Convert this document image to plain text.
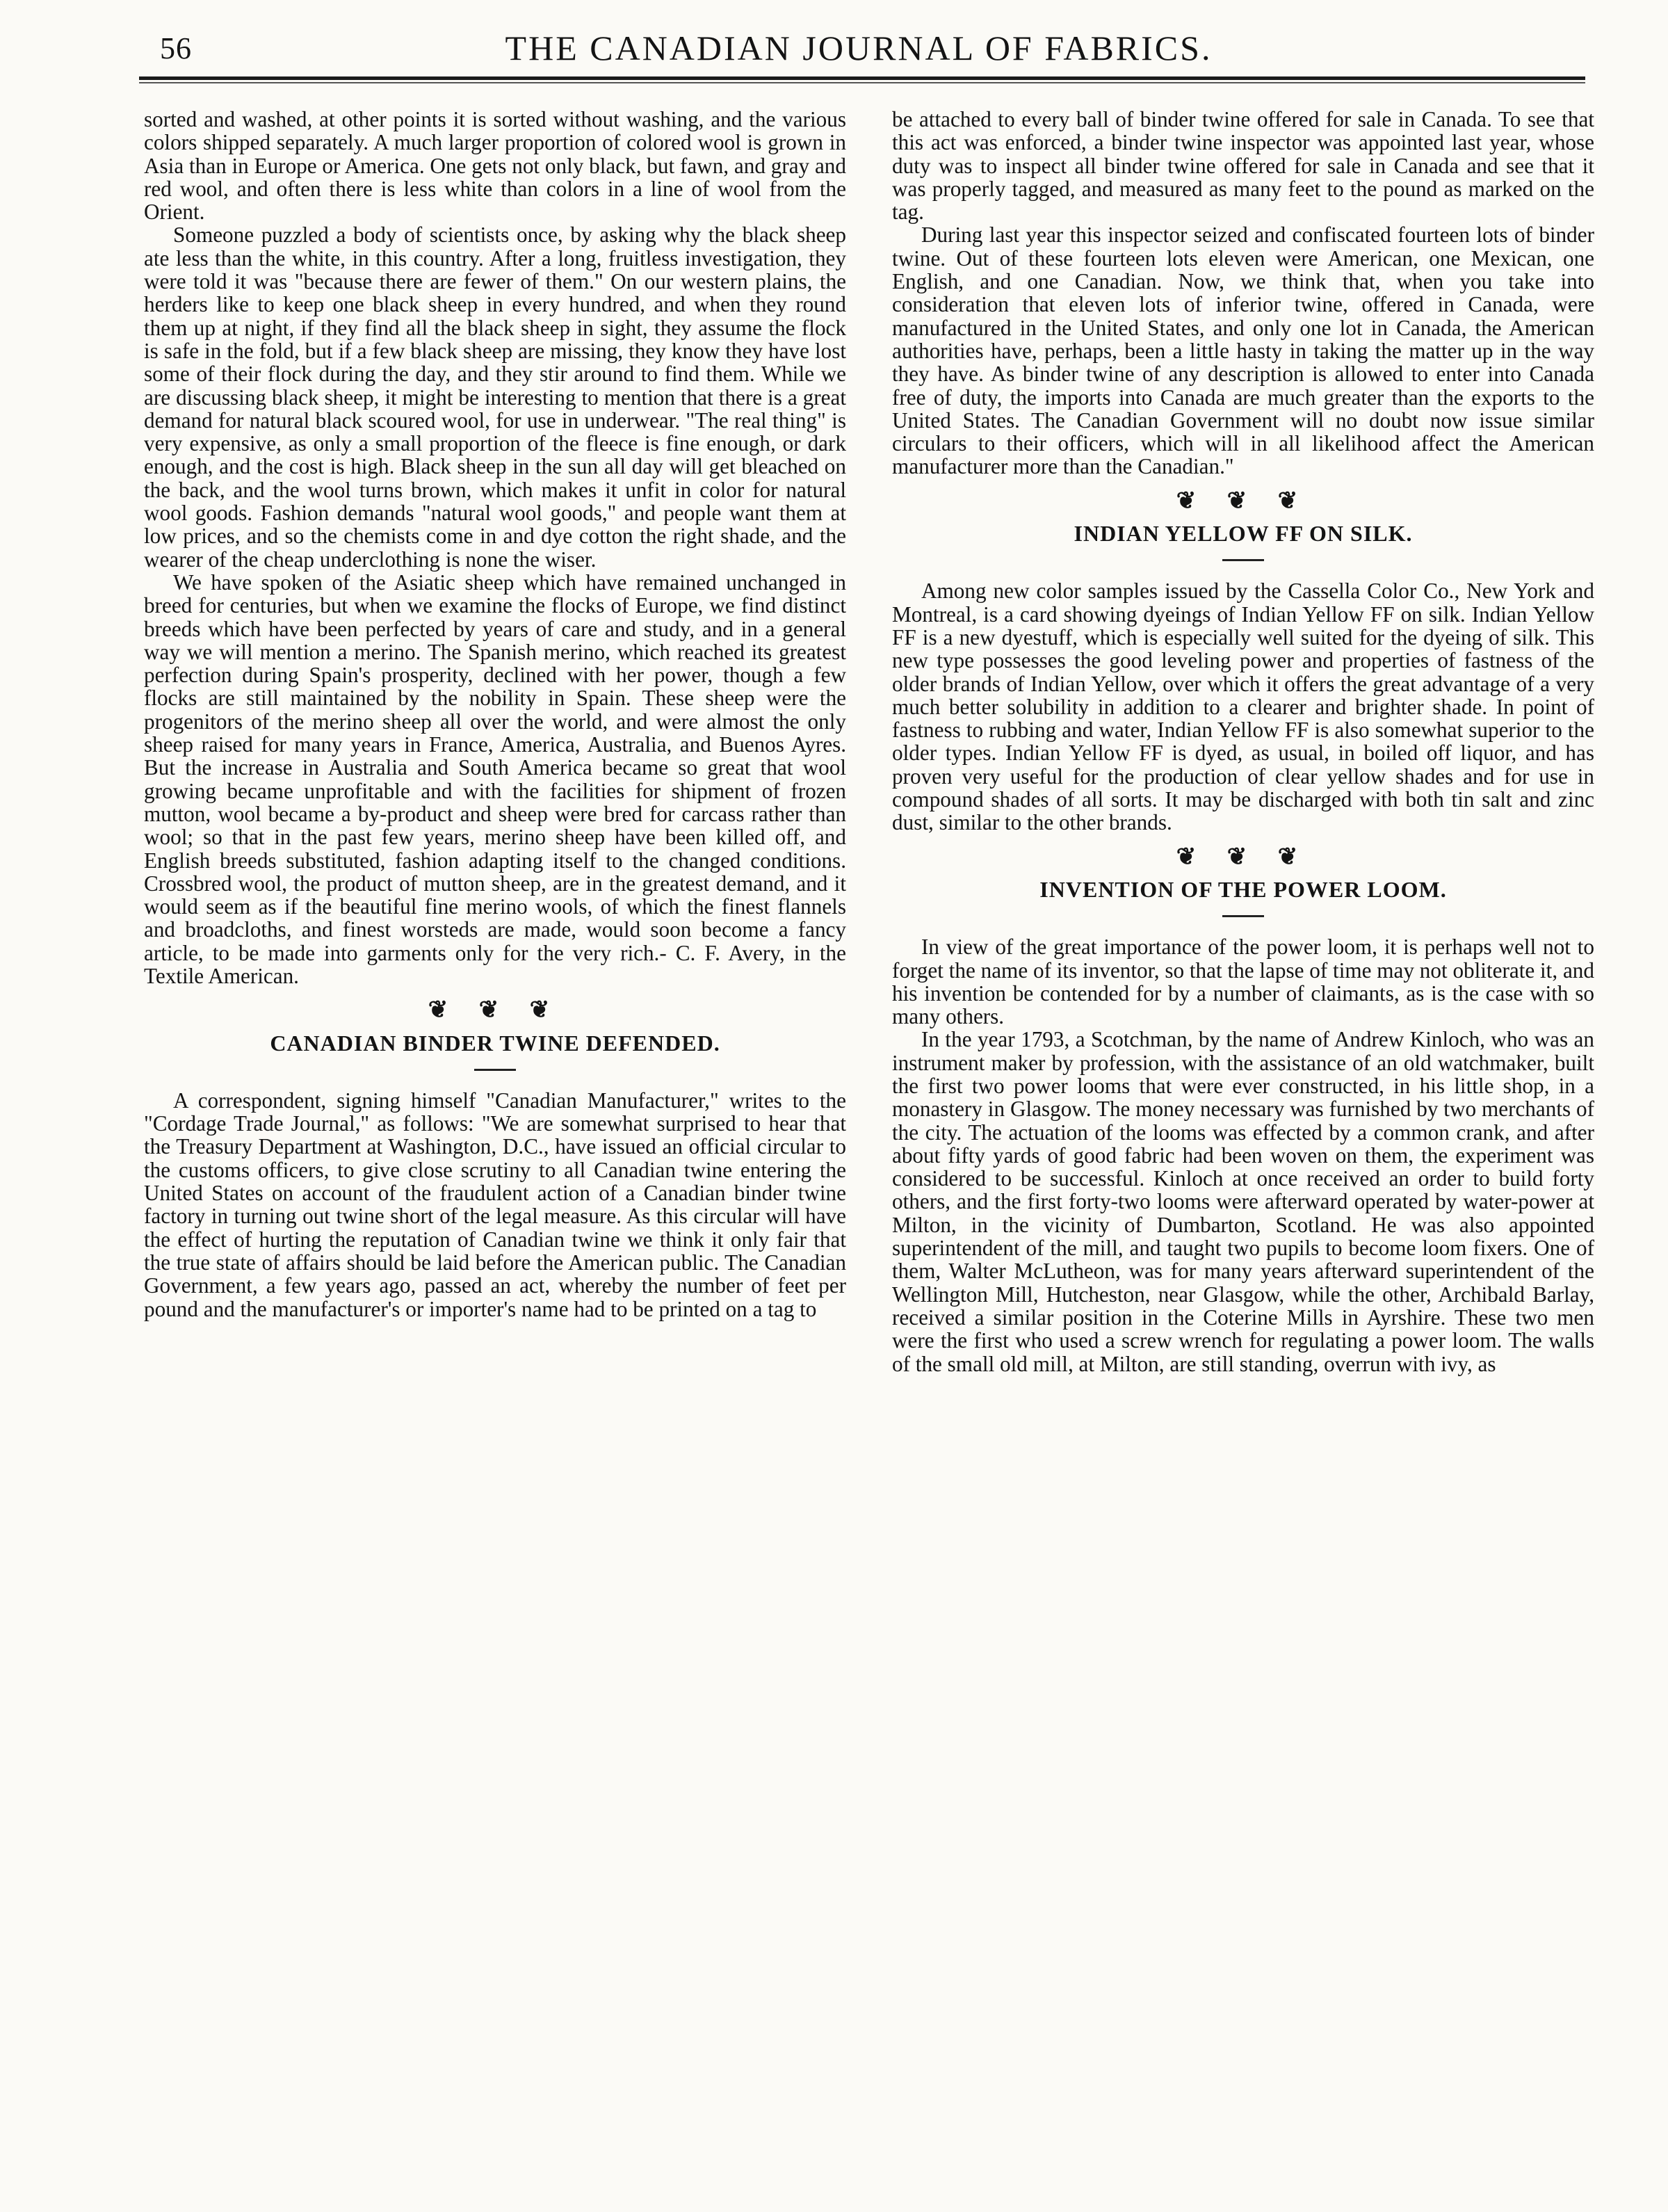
56	THE CANADIAN JOURNAL OF FABRICS.

sorted and washed, at other points it is sorted without washing, and the various colors shipped separately. A much larger proportion of colored wool is grown in Asia than in Europe or America. One gets not only black, but fawn, and gray and red wool, and often there is less white than colors in a line of wool from the Orient.

Someone puzzled a body of scientists once, by asking why the black sheep ate less than the white, in this country. After a long, fruitless investigation, they were told it was "because there are fewer of them." On our western plains, the herders like to keep one black sheep in every hundred, and when they round them up at night, if they find all the black sheep in sight, they assume the flock is safe in the fold, but if a few black sheep are missing, they know they have lost some of their flock during the day, and they stir around to find them. While we are discussing black sheep, it might be interesting to mention that there is a great demand for natural black scoured wool, for use in underwear. "The real thing" is very expensive, as only a small proportion of the fleece is fine enough, or dark enough, and the cost is high. Black sheep in the sun all day will get bleached on the back, and the wool turns brown, which makes it unfit in color for natural wool goods. Fashion demands "natural wool goods," and people want them at low prices, and so the chemists come in and dye cotton the right shade, and the wearer of the cheap underclothing is none the wiser.

We have spoken of the Asiatic sheep which have remained unchanged in breed for centuries, but when we examine the flocks of Europe, we find distinct breeds which have been perfected by years of care and study, and in a general way we will mention a merino. The Spanish merino, which reached its greatest perfection during Spain's prosperity, declined with her power, though a few flocks are still maintained by the nobility in Spain. These sheep were the progenitors of the merino sheep all over the world, and were almost the only sheep raised for many years in France, America, Australia, and Buenos Ayres. But the increase in Australia and South America became so great that wool growing became unprofitable and with the facilities for shipment of frozen mutton, wool became a by-product and sheep were bred for carcass rather than wool; so that in the past few years, merino sheep have been killed off, and English breeds substituted, fashion adapting itself to the changed conditions. Crossbred wool, the product of mutton sheep, are in the greatest demand, and it would seem as if the beautiful fine merino wools, of which the finest flannels and broadcloths, and finest worsteds are made, would soon become a fancy article, to be made into garments only for the very rich.- C. F. Avery, in the Textile American.

❦ ❦ ❦
CANADIAN BINDER TWINE DEFENDED.

A correspondent, signing himself "Canadian Manufacturer," writes to the "Cordage Trade Journal," as follows: "We are somewhat surprised to hear that the Treasury Department at Washington, D.C., have issued an official circular to the customs officers, to give close scrutiny to all Canadian twine entering the United States on account of the fraudulent action of a Canadian binder twine factory in turning out twine short of the legal measure. As this circular will have the effect of hurting the reputation of Canadian twine we think it only fair that the true state of affairs should be laid before the American public. The Canadian Government, a few years ago, passed an act, whereby the number of feet per pound and the manufacturer's or importer's name had to be printed on a tag to

be attached to every ball of binder twine offered for sale in Canada. To see that this act was enforced, a binder twine inspector was appointed last year, whose duty was to inspect all binder twine offered for sale in Canada and see that it was properly tagged, and measured as many feet to the pound as marked on the tag.

During last year this inspector seized and confiscated fourteen lots of binder twine. Out of these fourteen lots eleven were American, one Mexican, one English, and one Canadian. Now, we think that, when you take into consideration that eleven lots of inferior twine, offered in Canada, were manufactured in the United States, and only one lot in Canada, the American authorities have, perhaps, been a little hasty in taking the matter up in the way they have. As binder twine of any description is allowed to enter into Canada free of duty, the imports into Canada are much greater than the exports to the United States. The Canadian Government will no doubt now issue similar circulars to their officers, which will in all likelihood affect the American manufacturer more than the Canadian."

❦ ❦ ❦
INDIAN YELLOW FF ON SILK.

Among new color samples issued by the Cassella Color Co., New York and Montreal, is a card showing dyeings of Indian Yellow FF on silk. Indian Yellow FF is a new dyestuff, which is especially well suited for the dyeing of silk. This new type possesses the good leveling power and properties of fastness of the older brands of Indian Yellow, over which it offers the great advantage of a very much better solubility in addition to a clearer and brighter shade. In point of fastness to rubbing and water, Indian Yellow FF is also somewhat superior to the older types. Indian Yellow FF is dyed, as usual, in boiled off liquor, and has proven very useful for the production of clear yellow shades and for use in compound shades of all sorts. It may be discharged with both tin salt and zinc dust, similar to the other brands.

❦ ❦ ❦
INVENTION OF THE POWER LOOM.

In view of the great importance of the power loom, it is perhaps well not to forget the name of its inventor, so that the lapse of time may not obliterate it, and his invention be contended for by a number of claimants, as is the case with so many others.

In the year 1793, a Scotchman, by the name of Andrew Kinloch, who was an instrument maker by profession, with the assistance of an old watchmaker, built the first two power looms that were ever constructed, in his little shop, in a monastery in Glasgow. The money necessary was furnished by two merchants of the city. The actuation of the looms was effected by a common crank, and after about fifty yards of good fabric had been woven on them, the experiment was considered to be successful. Kinloch at once received an order to build forty others, and the first forty-two looms were afterward operated by water-power at Milton, in the vicinity of Dumbarton, Scotland. He was also appointed superintendent of the mill, and taught two pupils to become loom fixers. One of them, Walter McLutheon, was for many years afterward superintendent of the Wellington Mill, Hutcheston, near Glasgow, while the other, Archibald Barlay, received a similar position in the Coterine Mills in Ayrshire. These two men were the first who used a screw wrench for regulating a power loom. The walls of the small old mill, at Milton, are still standing, overrun with ivy, as
